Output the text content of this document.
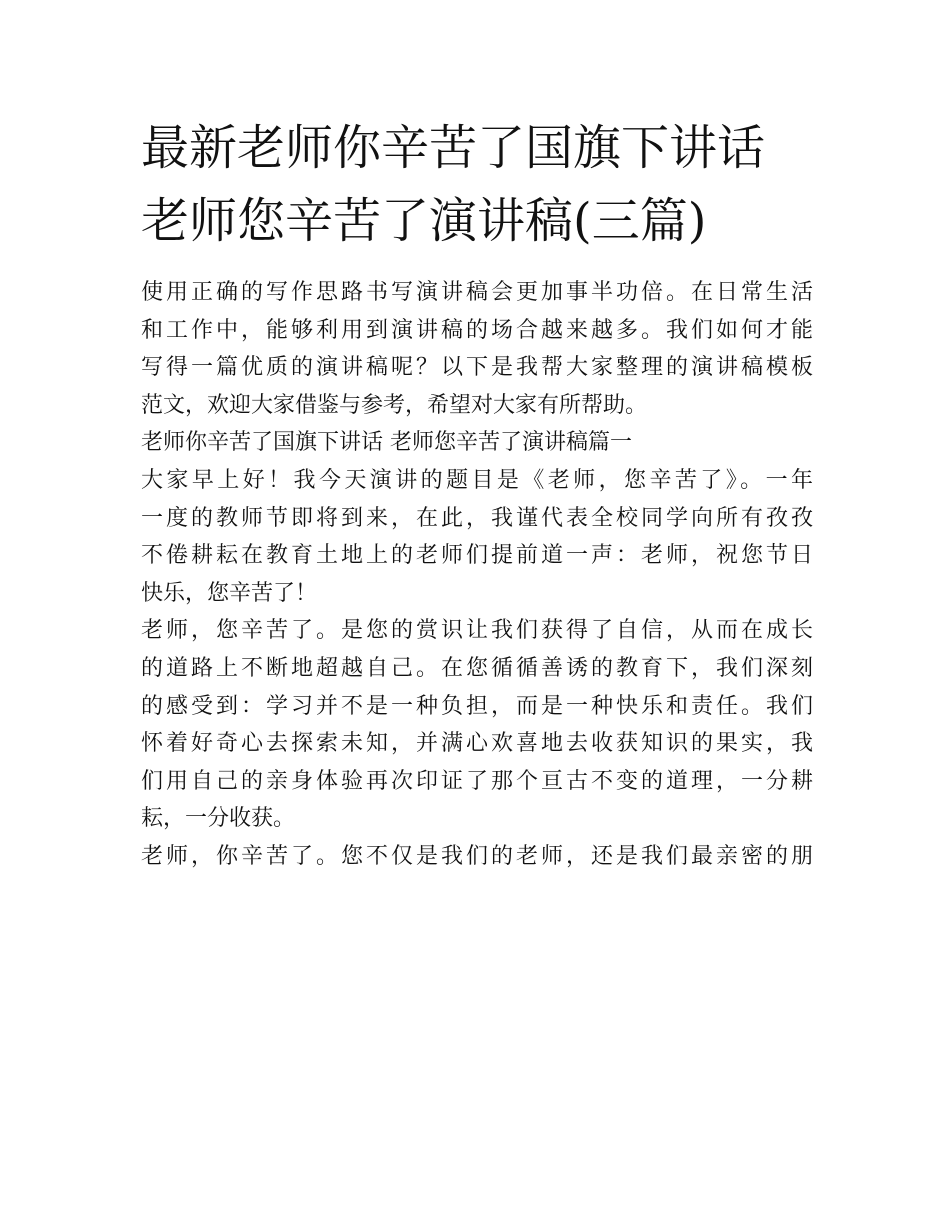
最新老师你辛苦了国旗下讲话
老师您辛苦了演讲稿(三篇)
使用正确的写作思路书写演讲稿会更加事半功倍。在日常生活
和工作中，能够利用到演讲稿的场合越来越多。我们如何才能
写得一篇优质的演讲稿呢？以下是我帮大家整理的演讲稿模板
范文，欢迎大家借鉴与参考，希望对大家有所帮助。
老师你辛苦了国旗下讲话 老师您辛苦了演讲稿篇一
大家早上好！我今天演讲的题目是《老师，您辛苦了》。一年
一度的教师节即将到来，在此，我谨代表全校同学向所有孜孜
不倦耕耘在教育土地上的老师们提前道一声：老师，祝您节日
快乐，您辛苦了！
老师，您辛苦了。是您的赏识让我们获得了自信，从而在成长
的道路上不断地超越自己。在您循循善诱的教育下，我们深刻
的感受到：学习并不是一种负担，而是一种快乐和责任。我们
怀着好奇心去探索未知，并满心欢喜地去收获知识的果实，我
们用自己的亲身体验再次印证了那个亘古不变的道理，一分耕
耘，一分收获。
老师，你辛苦了。您不仅是我们的老师，还是我们最亲密的朋
